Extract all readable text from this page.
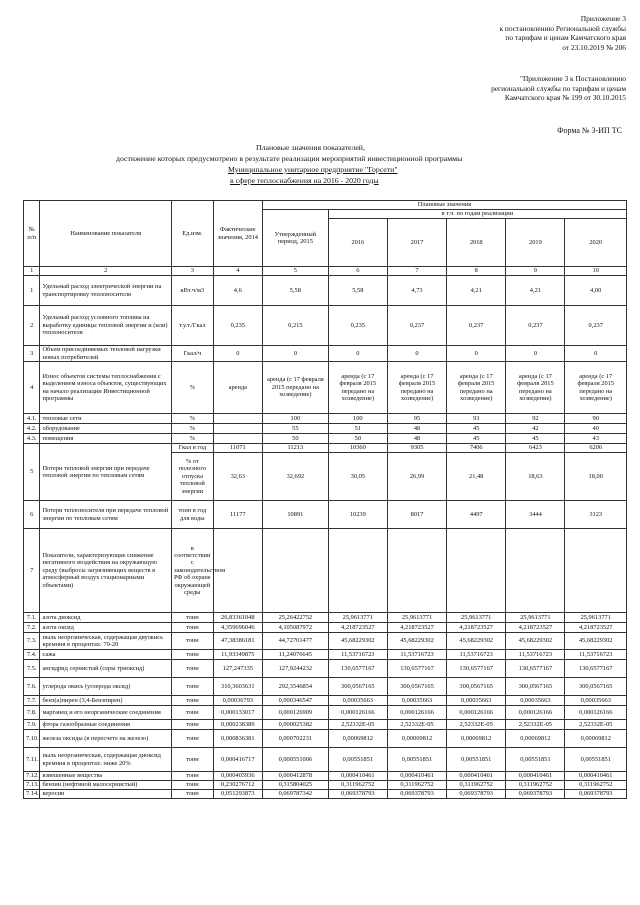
Приложение 3
к постановлению Региональной службы
по тарифам и ценам Камчатского края
от 23.10.2019 № 206
"Приложение 3 к Постановлению
региональной службы по тарифам и ценам
Камчатского края № 199 от 30.10.2015
Форма № 3-ИП ТС
Плановые значения показателей,
достижение которых предусмотрено в результате реализации мероприятий инвестиционной программы
Муниципальное унитарное предприятие "Горсети"
в сфере теплоснабжения на 2016 - 2020 годы
№ п/п	Наименование показателя	Ед.изм.	Фактические значения, 2014	Плановые значения					
				Утвержденный период, 2015	в т.ч. по годам реализации				
					2016	2017	2018	2019	2020
1	2	3	4	5	6	7	8	9	10
1	Удельный расход электрической энергии на транспортировку теплоносителя	кВт.ч/м3	4,6	5,58	5,58	4,73	4,21	4,21	4,00
2	Удельный расход условного топлива на выработку единицы тепловой энергии и (или) теплоносителя	т.у.т./Гкал	0,235	0,215	0,235	0,237	0,237	0,237	0,237
3	Объем присоединяемых тепловой нагрузки новых потребителей	Гкал/ч	0	0	0	0	0	0	0
4	Износ объектов системы теплоснабжения с выделением износа объектов, существующих на начало реализации Инвестиционной программы	%	аренда	аренда (с 17 февраля 2015 передано на хозведение)	аренда (с 17 февраля 2015 передано на хозведение)	аренда (с 17 февраля 2015 передано на хозведение)	аренда (с 17 февраля 2015 передано на хозведение)	аренда (с 17 февраля 2015 передано на хозведение)	аренда (с 17 февраля 2015 передано на хозведение)
4.1.	тепловые сети	%		100	100	95	93	92	90
4.2.	оборудование	%		55	51	48	45	42	40
4.3.	помещения	%		50	50	48	45	45	43
5	Потери тепловой энергии при передаче тепловой энергии по тепловым сетям	Гкал в год	11071	11213	10360	9305	7406	6423	6206
		% от полезного отпуска тепловой энергии	32,63	32,692	30,05	26,99	21,48	18,63	18,00
6	Потери теплоносителя при передаче тепловой энергии по тепловым сетям	тонн в год для воды	11177	10891	10239	8017	4497	3444	3123
7	Показатели, характеризующие снижение негативного воздействия на окружающую среду (выбросы загрязняющих веществ в атмосферный воздух стационарными объектами)	в соответствии с законодательством РФ об охране окружающей среды							
7.1.	азота диоксид	тонн	26,83361048	25,26422752	25,9613771	25,9613771	25,9613771	25,9613771	25,9613771
7.2.	азота оксид	тонн	4,359696046	4,105087972	4,218723527	4,218723527	4,218723527	4,218723527	4,218723527
7.3.	пыль неорганическая, содержащая двуокись кремния в процентах: 70-20	тонн	47,38386181	44,72701477	45,68229302	45,68229302	45,68229302	45,68229302	45,68229302
7.4.	сажа	тонн	11,93349875	11,24076645	11,53716723	11,53716723	11,53716723	11,53716723	11,53716723
7.5.	ангидрид сернистый (серы триоксид)	тонн	127,247335	127,9244232	130,6577167	130,6577167	130,6577167	130,6577167	130,6577167
7.6.	углерода окись (углерода оксид)	тонн	310,3603631	292,3546854	300,0567165	300,0567165	300,0567165	300,0567165	300,0567165
7.7.	бенз(а)пирен (3,4-Бензпирен)	тонн	0,00036793	0,000346547	0,00035663	0,00035663	0,00035663	0,00035663	0,00035663
7.8.	марганец и его неорганические соединения	тонн	0,000133017	0,000126909	0,000126166	0,000126166	0,000126166	0,000126166	0,000126166
7.9.	фтора газообразные соединения	тонн	0,000238389	0,000025382	2,52332E-05	2,52332E-05	2,52332E-05	2,52332E-05	2,52332E-05
7.10.	железа оксиды (в пересчете на железо)	тонн	0,000836381	0,000702231	0,00069812	0,00069812	0,00069812	0,00069812	0,00069812
7.11.	пыль неорганическая, содержащая диоксид кремния в процентах: ниже 20%	тонн	0,000416717	0,000551006	0,00551851	0,00551851	0,00551851	0,00551851	0,00551851
7.12.	взвешенные вещества	тонн	0,000403936	0,000412878	0,000410461	0,000410461	0,000410461	0,000410461	0,000410461
7.13.	бензин (нефтяной малосернистый)	тонн	0,230276712	0,315804025	0,311962752	0,311962752	0,311962752	0,311962752	0,311962752
7.14.	керосин	тонн	0,051293873	0,069787342	0,069378793	0,069378793	0,069378793	0,069378793	0,069378793
